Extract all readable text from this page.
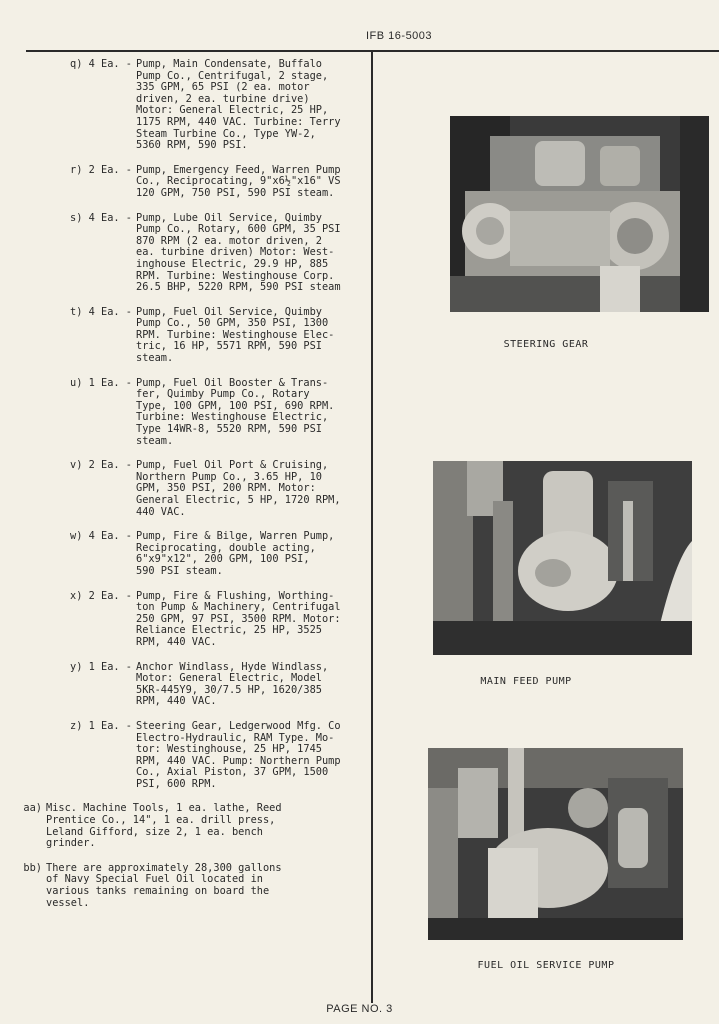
IFB 16-5003
q) 4 Ea. - Pump, Main Condensate, Buffalo
Pump Co., Centrifugal, 2 stage,
335 GPM, 65 PSI (2 ea. motor
driven, 2 ea. turbine drive)
Motor: General Electric, 25 HP,
1175 RPM, 440 VAC. Turbine: Terry
Steam Turbine Co., Type YW-2,
5360 RPM, 590 PSI.
r) 2 Ea. - Pump, Emergency Feed, Warren Pump
Co., Reciprocating, 9"x6½"x16" VS
120 GPM, 750 PSI, 590 PSI steam.
s) 4 Ea. - Pump, Lube Oil Service, Quimby
Pump Co., Rotary, 600 GPM, 35 PSI
870 RPM (2 ea. motor driven, 2
ea. turbine driven) Motor: West-
inghouse Electric, 29.9 HP, 885
RPM. Turbine: Westinghouse Corp.
26.5 BHP, 5220 RPM, 590 PSI steam
t) 4 Ea. - Pump, Fuel Oil Service, Quimby
Pump Co., 50 GPM, 350 PSI, 1300
RPM. Turbine: Westinghouse Elec-
tric, 16 HP, 5571 RPM, 590 PSI
steam.
u) 1 Ea. - Pump, Fuel Oil Booster & Trans-
fer, Quimby Pump Co., Rotary
Type, 100 GPM, 100 PSI, 690 RPM.
Turbine: Westinghouse Electric,
Type 14WR-8, 5520 RPM, 590 PSI
steam.
v) 2 Ea. - Pump, Fuel Oil Port & Cruising,
Northern Pump Co., 3.65 HP, 10
GPM, 350 PSI, 200 RPM. Motor:
General Electric, 5 HP, 1720 RPM,
440 VAC.
w) 4 Ea. - Pump, Fire & Bilge, Warren Pump,
Reciprocating, double acting,
6"x9"x12", 200 GPM, 100 PSI,
590 PSI steam.
x) 2 Ea. - Pump, Fire & Flushing, Worthing-
ton Pump & Machinery, Centrifugal
250 GPM, 97 PSI, 3500 RPM. Motor:
Reliance Electric, 25 HP, 3525
RPM, 440 VAC.
y) 1 Ea. - Anchor Windlass, Hyde Windlass,
Motor: General Electric, Model
5KR-445Y9, 30/7.5 HP, 1620/385
RPM, 440 VAC.
z) 1 Ea. - Steering Gear, Ledgerwood Mfg. Co
Electro-Hydraulic, RAM Type. Mo-
tor: Westinghouse, 25 HP, 1745
RPM, 440 VAC. Pump: Northern Pump
Co., Axial Piston, 37 GPM, 1500
PSI, 600 RPM.
aa) Misc. Machine Tools, 1 ea. lathe, Reed
Prentice Co., 14", 1 ea. drill press,
Leland Gifford, size 2, 1 ea. bench
grinder.
bb) There are approximately 28,300 gallons
of Navy Special Fuel Oil located in
various tanks remaining on board the
vessel.
STEERING GEAR
MAIN FEED PUMP
FUEL OIL SERVICE PUMP
PAGE NO. 3
